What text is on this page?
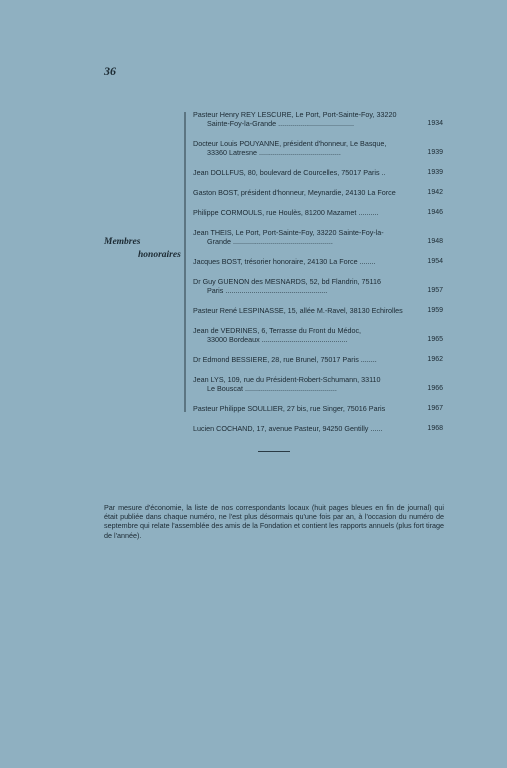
36
Membres
honoraires
Pasteur Henry REY LESCURE, Le Port, Port-Sainte-Foy, 33220
Sainte-Foy-la-Grande ......................................	1934
Docteur Louis POUYANNE, président d'honneur, Le Basque,
33360 Latresne .........................................	1939
Jean DOLLFUS, 80, boulevard de Courcelles, 75017 Paris ..	1939
Gaston BOST, président d'honneur, Meynardie, 24130 La Force	1942
Philippe CORMOULS, rue Houlès, 81200 Mazamet ..........	1946
Jean THEIS, Le Port, Port-Sainte-Foy, 33220 Sainte-Foy-la-
Grande ..................................................	1948
Jacques BOST, trésorier honoraire, 24130 La Force ........	1954
Dr Guy GUENON des MESNARDS, 52, bd Flandrin, 75116
Paris ...................................................	1957
Pasteur René LESPINASSE, 15, allée M.-Ravel, 38130 Echirolles	1959
Jean de VEDRINES, 6, Terrasse du Front du Médoc,
33000 Bordeaux ...........................................	1965
Dr Edmond BESSIERE, 28, rue Brunel, 75017 Paris ........	1962
Jean LYS, 109, rue du Président-Robert-Schumann, 33110
Le Bouscat ..............................................	1966
Pasteur Philippe SOULLIER, 27 bis, rue Singer, 75016 Paris	1967
Lucien COCHAND, 17, avenue Pasteur, 94250 Gentilly ......	1968
Par mesure d'économie, la liste de nos correspondants locaux (huit pages bleues en fin de journal) qui était publiée dans chaque numéro, ne l'est plus désormais qu'une fois par an, à l'occasion du numéro de septembre qui relate l'assemblée des amis de la Fondation et contient les rapports annuels (plus fort tirage de l'année).
